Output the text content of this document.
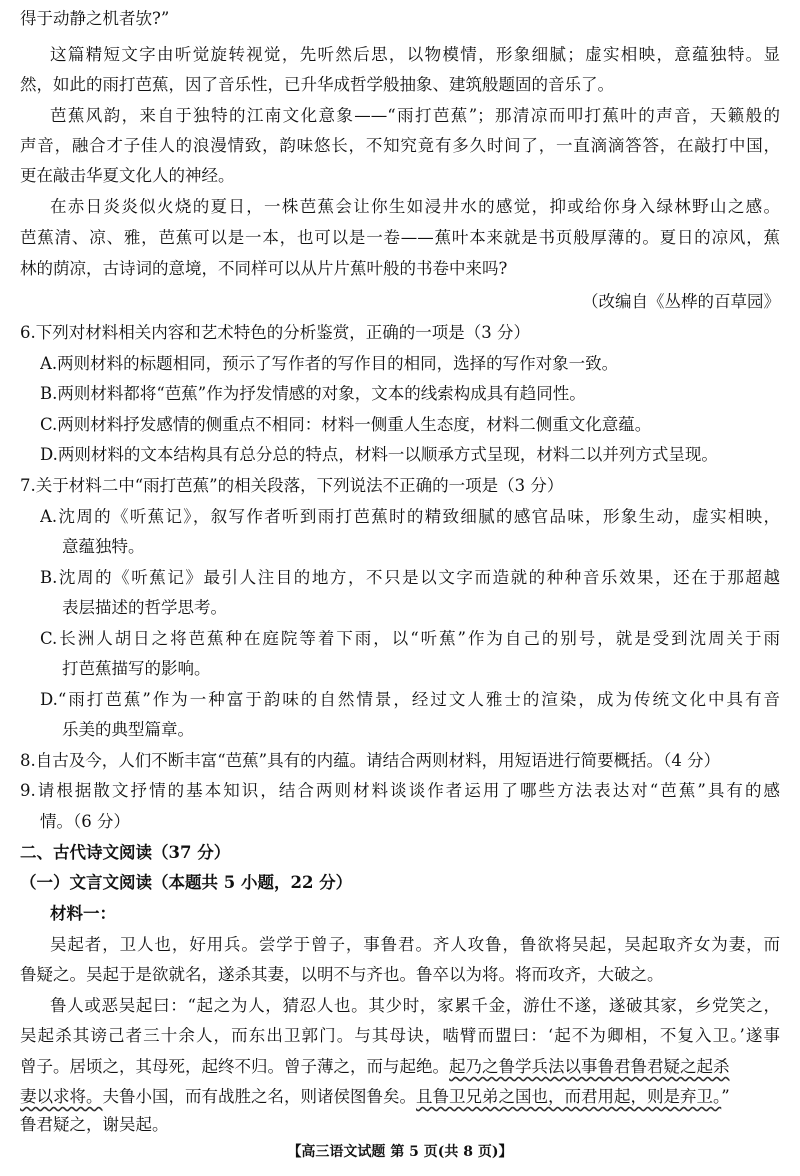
得于动静之机者欤?”
这篇精短文字由听觉旋转视觉，先听然后思，以物模情，形象细腻；虚实相映，意蕴独特。显
然，如此的雨打芭蕉，因了音乐性，已升华成哲学般抽象、建筑般题固的音乐了。
芭蕉风韵，来自于独特的江南文化意象——“雨打芭蕉”；那清凉而叩打蕉叶的声音，天籁般的
声音，融合才子佳人的浪漫情致，韵味悠长，不知究竟有多久时间了，一直滴滴答答，在敲打中国，
更在敲击华夏文化人的神经。
在赤日炎炎似火烧的夏日，一株芭蕉会让你生如浸井水的感觉，抑或给你身入绿林野山之感。
芭蕉清、凉、雅，芭蕉可以是一本，也可以是一卷——蕉叶本来就是书页般厚薄的。夏日的凉风，蕉
林的荫凉，古诗词的意境，不同样可以从片片蕉叶般的书卷中来吗?
（改编自《丛桦的百草园》
6.下列对材料相关内容和艺术特色的分析鉴赏，正确的一项是（3 分）
A.两则材料的标题相同，预示了写作者的写作目的相同，选择的写作对象一致。
B.两则材料都将“芭蕉”作为抒发情感的对象，文本的线索构成具有趋同性。
C.两则材料抒发感情的侧重点不相同：材料一侧重人生态度，材料二侧重文化意蕴。
D.两则材料的文本结构具有总分总的特点，材料一以顺承方式呈现，材料二以并列方式呈现。
7.关于材料二中“雨打芭蕉”的相关段落，下列说法不正确的一项是（3 分）
A.沈周的《听蕉记》，叙写作者听到雨打芭蕉时的精致细腻的感官品味，形象生动，虚实相映，
意蕴独特。
B.沈周的《听蕉记》最引人注目的地方，不只是以文字而造就的种种音乐效果，还在于那超越
表层描述的哲学思考。
C.长洲人胡日之将芭蕉种在庭院等着下雨，以“听蕉”作为自己的别号，就是受到沈周关于雨
打芭蕉描写的影响。
D.“雨打芭蕉”作为一种富于韵味的自然情景，经过文人雅士的渲染，成为传统文化中具有音
乐美的典型篇章。
8.自古及今，人们不断丰富“芭蕉”具有的内蕴。请结合两则材料，用短语进行简要概括。（4 分）
9.请根据散文抒情的基本知识，结合两则材料谈谈作者运用了哪些方法表达对“芭蕉”具有的感
情。（6 分）
二、古代诗文阅读（37 分）
（一）文言文阅读（本题共 5 小题，22 分）
材料一：
吴起者，卫人也，好用兵。尝学于曾子，事鲁君。齐人攻鲁，鲁欲将吴起，吴起取齐女为妻，而
鲁疑之。吴起于是欲就名，遂杀其妻，以明不与齐也。鲁卒以为将。将而攻齐，大破之。
鲁人或恶吴起曰：“起之为人，猜忍人也。其少时，家累千金，游仕不遂，遂破其家，乡党笑之，
吴起杀其谤己者三十余人，而东出卫郭门。与其母诀，啮臂而盟曰：‘起不为卿相，不复入卫。’遂事
曾子。居顷之，其母死，起终不归。曾子薄之，而与起绝。起乃之鲁学兵法以事鲁君鲁君疑之起杀
妻以求将。夫鲁小国，而有战胜之名，则诸侯图鲁矣。且鲁卫兄弟之国也，而君用起，则是弃卫。”
鲁君疑之，谢吴起。
【高三语文试题 第 5 页(共 8 页)】
